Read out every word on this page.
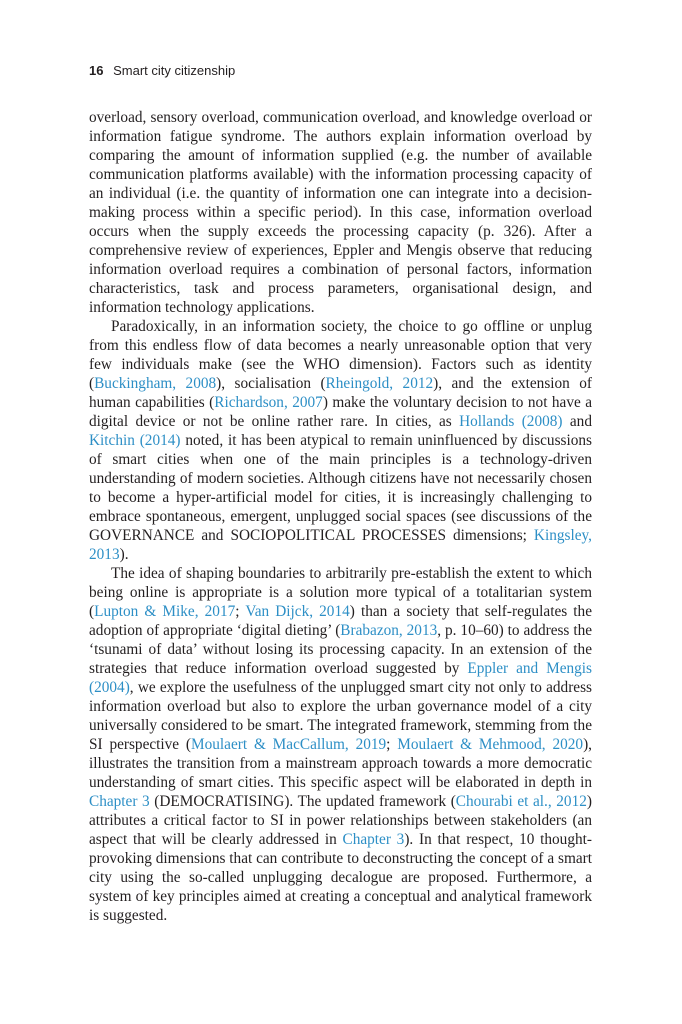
16 Smart city citizenship

overload, sensory overload, communication overload, and knowledge overload or information fatigue syndrome. The authors explain information overload by comparing the amount of information supplied (e.g. the number of available communication platforms available) with the information processing capacity of an individual (i.e. the quantity of information one can integrate into a decision-making process within a specific period). In this case, information overload occurs when the supply exceeds the processing capacity (p. 326). After a comprehensive review of experiences, Eppler and Mengis observe that reducing information overload requires a combination of personal factors, information characteristics, task and process parameters, organisational design, and information technology applications.

Paradoxically, in an information society, the choice to go offline or unplug from this endless flow of data becomes a nearly unreasonable option that very few individuals make (see the WHO dimension). Factors such as identity (Buckingham, 2008), socialisation (Rheingold, 2012), and the extension of human capabilities (Richardson, 2007) make the voluntary decision to not have a digital device or not be online rather rare. In cities, as Hollands (2008) and Kitchin (2014) noted, it has been atypical to remain uninfluenced by discussions of smart cities when one of the main principles is a technology-driven understanding of modern societies. Although citizens have not necessarily chosen to become a hyper-artificial model for cities, it is increasingly challenging to embrace spontaneous, emergent, unplugged social spaces (see discussions of the GOVERNANCE and SOCIOPOLITICAL PROCESSES dimensions; Kingsley, 2013).

The idea of shaping boundaries to arbitrarily pre-establish the extent to which being online is appropriate is a solution more typical of a totalitarian system (Lupton & Mike, 2017; Van Dijck, 2014) than a society that self-regulates the adoption of appropriate ‘digital dieting’ (Brabazon, 2013, p. 10–60) to address the ‘tsunami of data’ without losing its processing capacity. In an extension of the strategies that reduce information overload suggested by Eppler and Mengis (2004), we explore the usefulness of the unplugged smart city not only to address information overload but also to explore the urban governance model of a city universally considered to be smart. The integrated framework, stemming from the SI perspective (Moulaert & MacCallum, 2019; Moulaert & Mehmood, 2020), illustrates the transition from a mainstream approach towards a more democratic understanding of smart cities. This specific aspect will be elaborated in depth in Chapter 3 (DEMOCRATISING). The updated framework (Chourabi et al., 2012) attributes a critical factor to SI in power relationships between stakeholders (an aspect that will be clearly addressed in Chapter 3). In that respect, 10 thought-provoking dimensions that can contribute to deconstructing the concept of a smart city using the so-called unplugging decalogue are proposed. Furthermore, a system of key principles aimed at creating a conceptual and analytical framework is suggested.
